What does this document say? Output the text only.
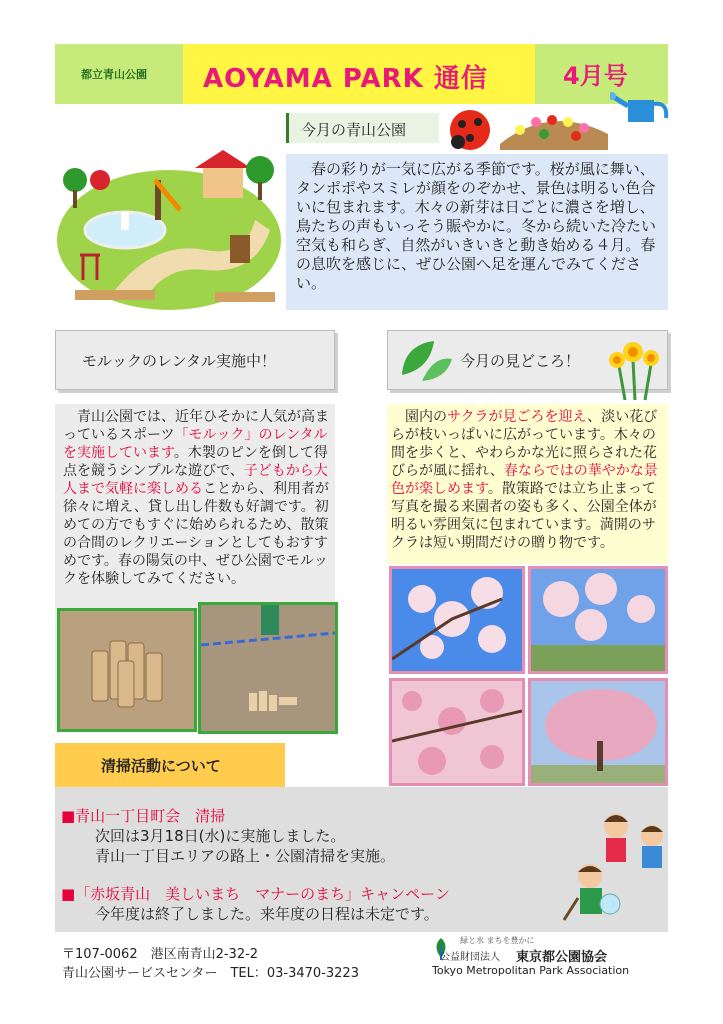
都立青山公園 AOYAMA PARK 通信	4月号
今月の青山公園

春の彩りが一気に広がる季節です。桜が風に舞い、タンポポやスミレが顔をのぞかせ、景色は明るい色合いに包まれます。木々の新芽は日ごとに濃さを増し、鳥たちの声もいっそう賑やかに。冬から続いた冷たい空気も和らぎ、自然がいきいきと動き始める４月。春の息吹を感じに、ぜひ公園へ足を運んでみてください。

モルックのレンタル実施中！

青山公園では、近年ひそかに人気が高まっているスポーツ「モルック」のレンタルを実施しています。木製のピンを倒して得点を競うシンプルな遊びで、子どもから大人まで気軽に楽しめることから、利用者が徐々に増え、貸し出し件数も好調です。初めての方でもすぐに始められるため、散策の合間のレクリエーションとしてもおすすめです。春の陽気の中、ぜひ公園でモルックを体験してみてください。

今月の見どころ！

園内のサクラが見ごろを迎え、淡い花びらが枝いっぱいに広がっています。木々の間を歩くと、やわらかな光に照らされた花びらが風に揺れ、春ならではの華やかな景色が楽しめます。散策路では立ち止まって写真を撮る来園者の姿も多く、公園全体が明るい雰囲気に包まれています。満開のサクラは短い期間だけの贈り物です。

清掃活動について
■青山一丁目町会　清掃
次回は3月18日(水)に実施しました。
青山一丁目エリアの路上・公園清掃を実施。
■「赤坂青山　美しいまち　マナーのまち」キャンペーン
今年度は終了しました。来年度の日程は未定です。
〒107-0062　港区南青山2-32-2
青山公園サービスセンター　TEL：03-3470-3223
緑と水 まちを豊かに
公益財団法人 東京都公園協会
Tokyo Metropolitan Park Association
